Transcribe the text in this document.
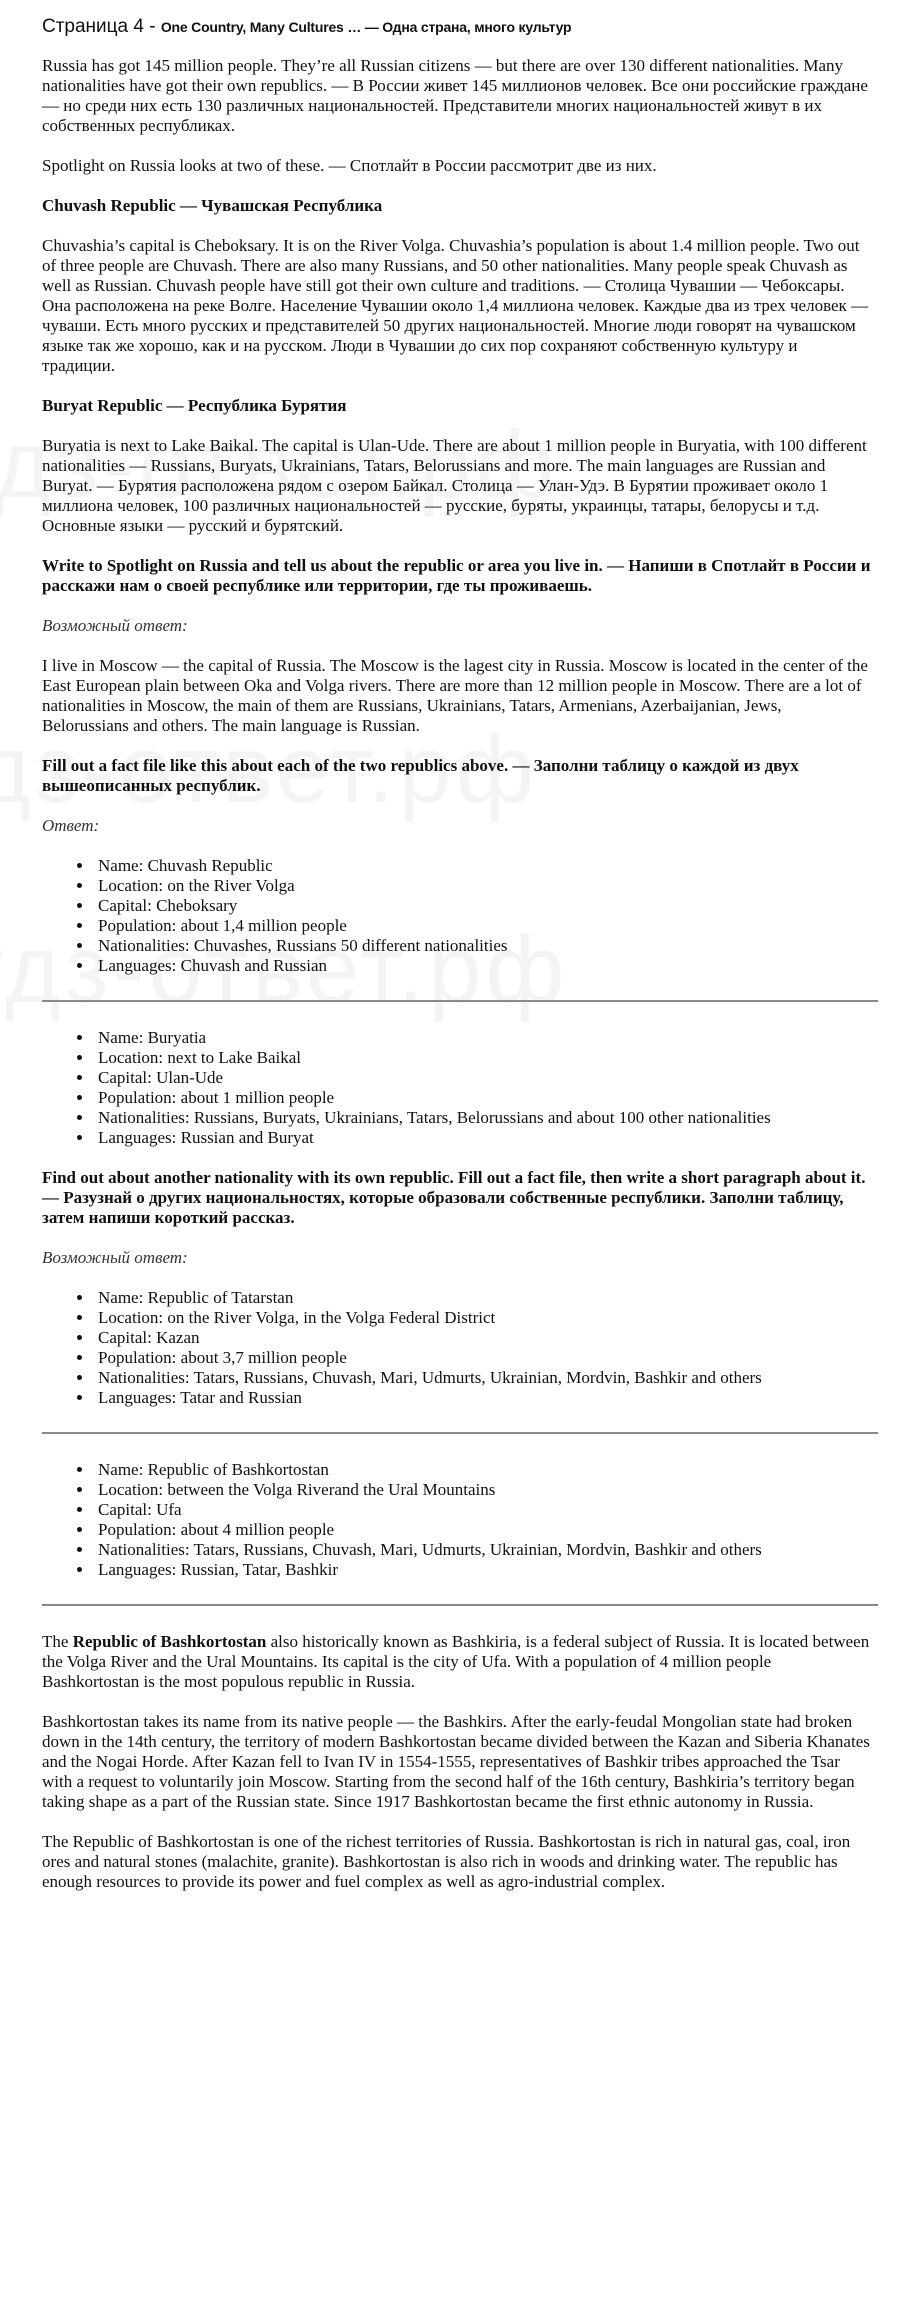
Страница 4 - One Country, Many Cultures … — Одна страна, много культур

Russia has got 145 million people. They’re all Russian citizens — but there are over 130 different nationalities. Many nationalities have got their own republics. — В России живет 145 миллионов человек. Все они российские граждане — но среди них есть 130 различных национальностей. Представители многих национальностей живут в их собственных республиках.

Spotlight on Russia looks at two of these. — Спотлайт в России рассмотрит две из них.

Chuvash Republic — Чувашская Республика

Chuvashia’s capital is Cheboksary. It is on the River Volga. Chuvashia’s population is about 1.4 million people. Two out of three people are Chuvash. There are also many Russians, and 50 other nationalities. Many people speak Chuvash as well as Russian. Chuvash people have still got their own culture and traditions. — Столица Чувашии — Чебоксары. Она расположена на реке Волге. Население Чувашии около 1,4 миллиона человек. Каждые два из трех человек — чуваши. Есть много русских и представителей 50 других национальностей. Многие люди говорят на чувашском языке так же хорошо, как и на русском. Люди в Чувашии до сих пор сохраняют собственную культуру и традиции.

Buryat Republic — Республика Бурятия

Buryatia is next to Lake Baikal. The capital is Ulan-Ude. There are about 1 million people in Buryatia, with 100 different nationalities — Russians, Buryats, Ukrainians, Tatars, Belorussians and more. The main languages are Russian and Buryat. — Бурятия расположена рядом с озером Байкал. Столица — Улан-Удэ. В Бурятии проживает около 1 миллиона человек, 100 различных национальностей — русские, буряты, украинцы, татары, белорусы и т.д. Основные языки — русский и бурятский.

Write to Spotlight on Russia and tell us about the republic or area you live in. — Напиши в Спотлайт в России и расскажи нам о своей республике или территории, где ты проживаешь.
Возможный ответ:

I live in Moscow — the capital of Russia. The Moscow is the lagest city in Russia. Moscow is located in the center of the East European plain between Oka and Volga rivers. There are more than 12 million people in Moscow. There are a lot of nationalities in Moscow, the main of them are Russians, Ukrainians, Tatars, Armenians, Azerbaijanian, Jews, Belorussians and others. The main language is Russian.

Fill out a fact file like this about each of the two republics above. — Заполни таблицу о каждой из двух вышеописанных республик.
Ответ:
• Name: Chuvash Republic
• Location: on the River Volga
• Capital: Cheboksary
• Population: about 1,4 million people
• Nationalities: Chuvashes, Russians 50 different nationalities
• Languages: Chuvash and Russian
• Name: Buryatia
• Location: next to Lake Baikal
• Capital: Ulan-Ude
• Population: about 1 million people
• Nationalities: Russians, Buryats, Ukrainians, Tatars, Belorussians and about 100 other nationalities
• Languages: Russian and Buryat
Find out about another nationality with its own republic. Fill out a fact file, then write a short paragraph about it. — Разузнай о других национальностях, которые образовали собственные республики. Заполни таблицу, затем напиши короткий рассказ.
Возможный ответ:
• Name: Republic of Tatarstan
• Location: on the River Volga, in the Volga Federal District
• Capital: Kazan
• Population: about 3,7 million people
• Nationalities: Tatars, Russians, Chuvash, Mari, Udmurts, Ukrainian, Mordvin, Bashkir and others
• Languages: Tatar and Russian
• Name: Republic of Bashkortostan
• Location: between the Volga Riverand the Ural Mountains
• Capital: Ufa
• Population: about 4 million people
• Nationalities: Tatars, Russians, Chuvash, Mari, Udmurts, Ukrainian, Mordvin, Bashkir and others
• Languages: Russian, Tatar, Bashkir

The Republic of Bashkortostan also historically known as Bashkiria, is a federal subject of Russia. It is located between the Volga River and the Ural Mountains. Its capital is the city of Ufa. With a population of 4 million people Bashkortostan is the most populous republic in Russia.

Bashkortostan takes its name from its native people — the Bashkirs. After the early-feudal Mongolian state had broken down in the 14th century, the territory of modern Bashkortostan became divided between the Kazan and Siberia Khanates and the Nogai Horde. After Kazan fell to Ivan IV in 1554-1555, representatives of Bashkir tribes approached the Tsar with a request to voluntarily join Moscow. Starting from the second half of the 16th century, Bashkiria’s territory began taking shape as a part of the Russian state. Since 1917 Bashkortostan became the first ethnic autonomy in Russia.

The Republic of Bashkortostan is one of the richest territories of Russia. Bashkortostan is rich in natural gas, coal, iron ores and natural stones (malachite, granite). Bashkortostan is also rich in woods and drinking water. The republic has enough resources to provide its power and fuel complex as well as agro-industrial complex.
